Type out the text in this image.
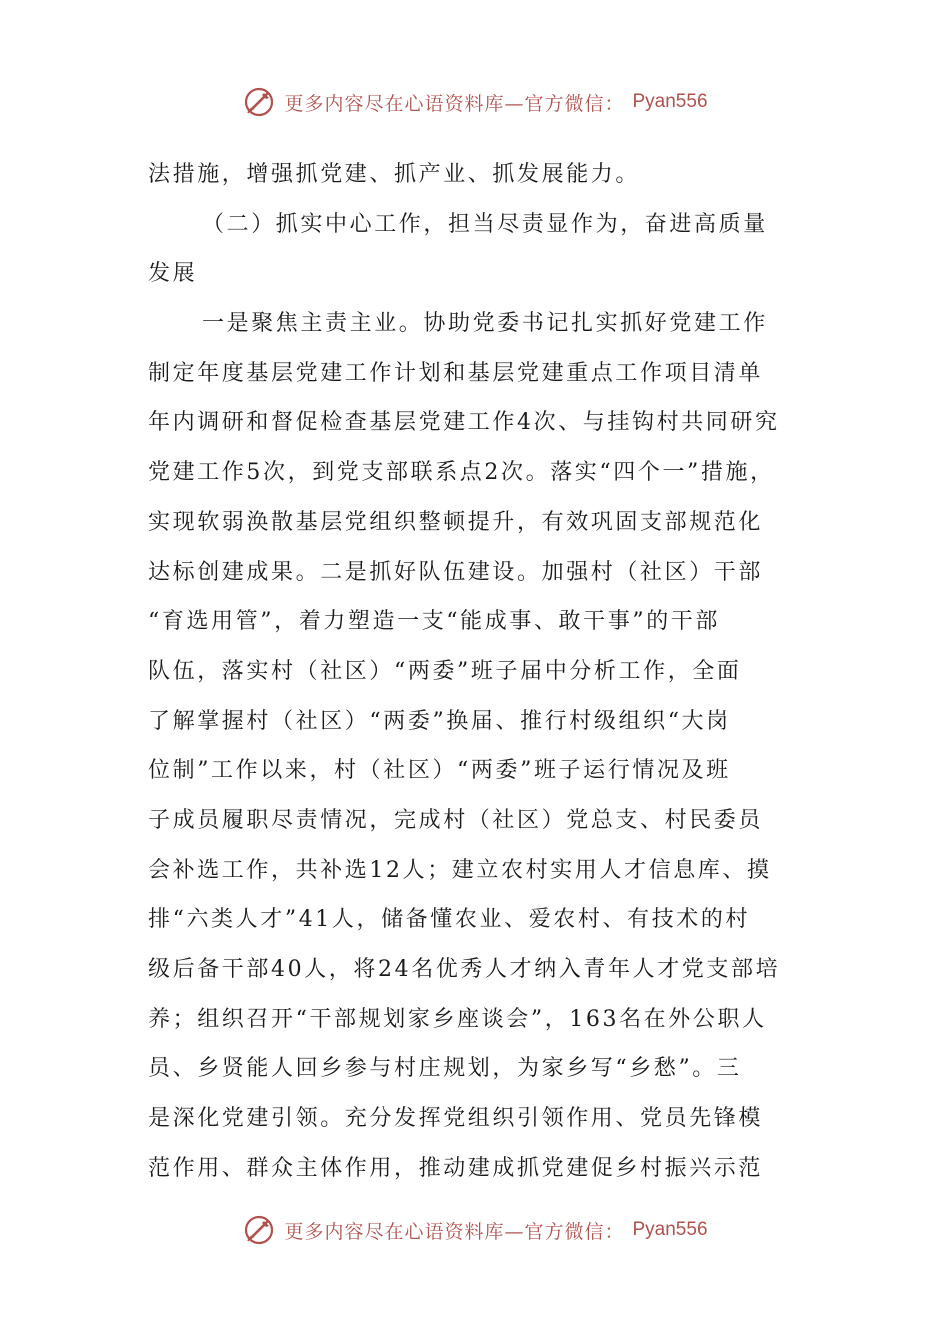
更多内容尽在心语资料库—官方微信： Pyan556
法措施，增强抓党建、抓产业、抓发展能力。
（二）抓实中心工作，担当尽责显作为，奋进高质量
发展
一是聚焦主责主业。协助党委书记扎实抓好党建工作
制定年度基层党建工作计划和基层党建重点工作项目清单
年内调研和督促检查基层党建工作4次、与挂钩村共同研究
党建工作5次，到党支部联系点2次。落实“四个一”措施，
实现软弱涣散基层党组织整顿提升，有效巩固支部规范化
达标创建成果。二是抓好队伍建设。加强村（社区）干部
“育选用管”，着力塑造一支“能成事、敢干事”的干部
队伍，落实村（社区）“两委”班子届中分析工作，全面
了解掌握村（社区）“两委”换届、推行村级组织“大岗
位制”工作以来，村（社区）“两委”班子运行情况及班
子成员履职尽责情况，完成村（社区）党总支、村民委员
会补选工作，共补选12人；建立农村实用人才信息库、摸
排“六类人才”41人，储备懂农业、爱农村、有技术的村
级后备干部40人，将24名优秀人才纳入青年人才党支部培
养；组织召开“干部规划家乡座谈会”，163名在外公职人
员、乡贤能人回乡参与村庄规划，为家乡写“乡愁”。三
是深化党建引领。充分发挥党组织引领作用、党员先锋模
范作用、群众主体作用，推动建成抓党建促乡村振兴示范
更多内容尽在心语资料库—官方微信： Pyan556
